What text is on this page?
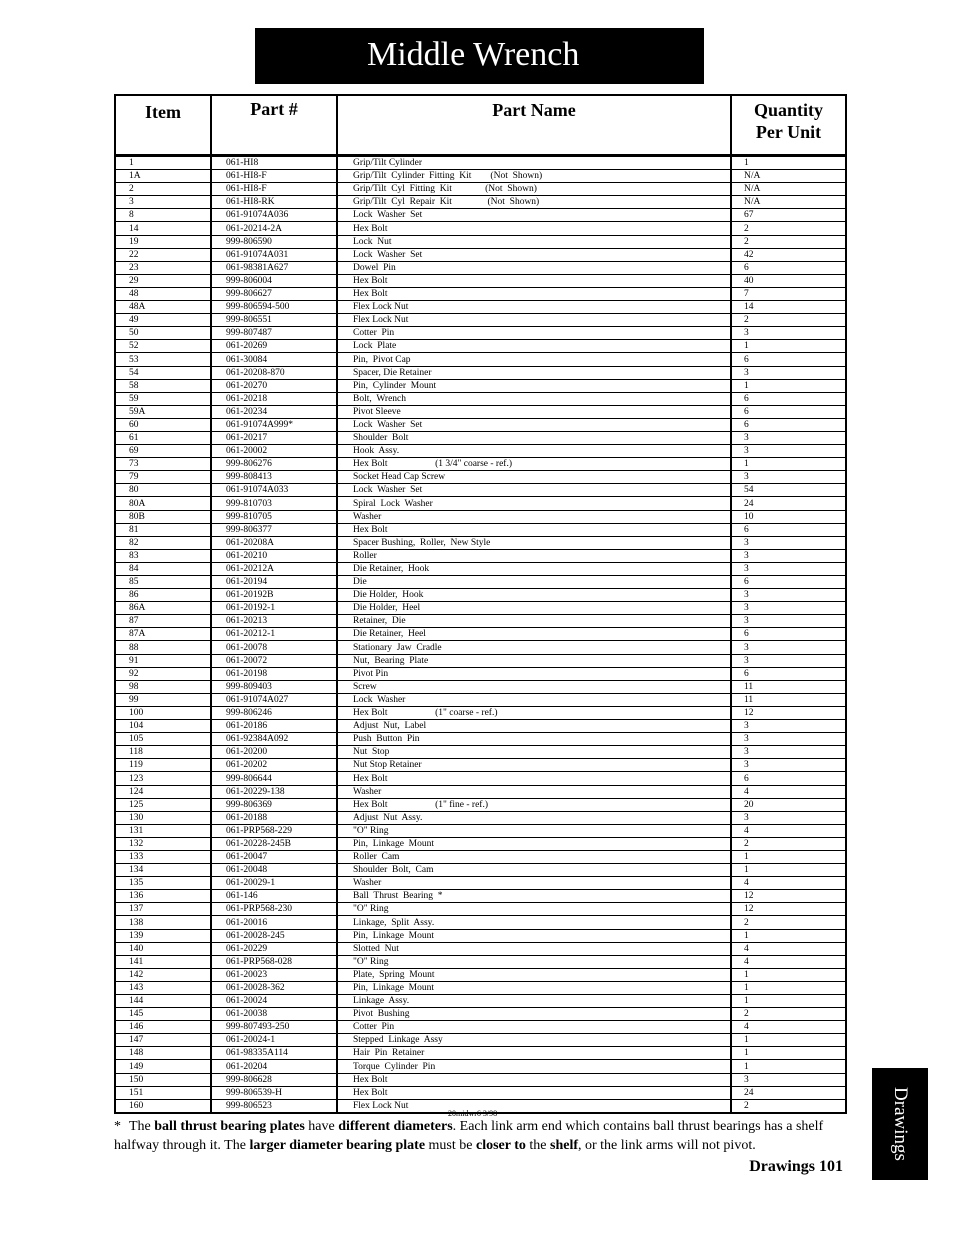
Middle Wrench
Item	Part #	Part Name	Quantity
Per Unit
1	061-HI8	Grip/Tilt Cylinder	1
1A	061-HI8-F	Grip/Tilt  Cylinder  Fitting  Kit        (Not  Shown)	N/A
2	061-HI8-F	Grip/Tilt  Cyl  Fitting  Kit              (Not  Shown)	N/A
3	061-HI8-RK	Grip/Tilt  Cyl  Repair  Kit               (Not  Shown)	N/A
8	061-91074A036	Lock  Washer  Set	67
14	061-20214-2A	Hex Bolt	2
19	999-806590	Lock  Nut	2
22	061-91074A031	Lock  Washer  Set	42
23	061-98381A627	Dowel  Pin	6
29	999-806004	Hex Bolt	40
48	999-806627	Hex Bolt	7
48A	999-806594-500	Flex Lock Nut	14
49	999-806551	Flex Lock Nut	2
50	999-807487	Cotter  Pin	3
52	061-20269	Lock  Plate	1
53	061-30084	Pin,  Pivot Cap	6
54	061-20208-870	Spacer, Die Retainer	3
58	061-20270	Pin,  Cylinder  Mount	1
59	061-20218	Bolt,  Wrench	6
59A	061-20234	Pivot Sleeve	6
60	061-91074A999*	Lock  Washer  Set	6
61	061-20217	Shoulder  Bolt	3
69	061-20002	Hook  Assy.	3
73	999-806276	Hex Bolt                    (1 3/4" coarse - ref.)	1
79	999-808413	Socket Head Cap Screw	3
80	061-91074A033	Lock  Washer  Set	54
80A	999-810703	Spiral  Lock  Washer	24
80B	999-810705	Washer	10
81	999-806377	Hex Bolt	6
82	061-20208A	Spacer Bushing,  Roller,  New Style	3
83	061-20210	Roller	3
84	061-20212A	Die Retainer,  Hook	3
85	061-20194	Die	6
86	061-20192B	Die Holder,  Hook	3
86A	061-20192-1	Die Holder,  Heel	3
87	061-20213	Retainer,  Die	3
87A	061-20212-1	Die Retainer,  Heel	6
88	061-20078	Stationary  Jaw  Cradle	3
91	061-20072	Nut,  Bearing  Plate	3
92	061-20198	Pivot Pin	6
98	999-809403	Screw	11
99	061-91074A027	Lock  Washer	11
100	999-806246	Hex Bolt                    (1" coarse - ref.)	12
104	061-20186	Adjust  Nut,  Label	3
105	061-92384A092	Push  Button  Pin	3
118	061-20200	Nut  Stop	3
119	061-20202	Nut Stop Retainer	3
123	999-806644	Hex Bolt	6
124	061-20229-138	Washer	4
125	999-806369	Hex Bolt                    (1" fine - ref.)	20
130	061-20188	Adjust  Nut  Assy.	3
131	061-PRP568-229	"O" Ring	4
132	061-20228-245B	Pin,  Linkage  Mount	2
133	061-20047	Roller  Cam	1
134	061-20048	Shoulder  Bolt,  Cam	1
135	061-20029-1	Washer	4
136	061-146	Ball  Thrust  Bearing  *	12
137	061-PRP568-230	"O" Ring	12
138	061-20016	Linkage,  Split  Assy.	2
139	061-20028-245	Pin,  Linkage  Mount	1
140	061-20229	Slotted  Nut	4
141	061-PRP568-028	"O" Ring	4
142	061-20023	Plate,  Spring  Mount	1
143	061-20028-362	Pin,  Linkage  Mount	1
144	061-20024	Linkage  Assy.	1
145	061-20038	Pivot  Bushing	2
146	999-807493-250	Cotter  Pin	4
147	061-20024-1	Stepped  Linkage  Assy	1
148	061-98335A114	Hair  Pin  Retainer	1
149	061-20204	Torque  Cylinder  Pin	1
150	999-806628	Hex Bolt	3
151	999-806539-H	Hex Bolt	24
160	999-806523	Flex Lock Nut	2
20midwr6 3/98
* The ball thrust bearing plates have different diameters. Each link arm end which contains ball thrust bearings has a shelf halfway through it. The larger diameter bearing plate must be closer to the shelf, or the link arms will not pivot.
Drawings 101
Drawings
